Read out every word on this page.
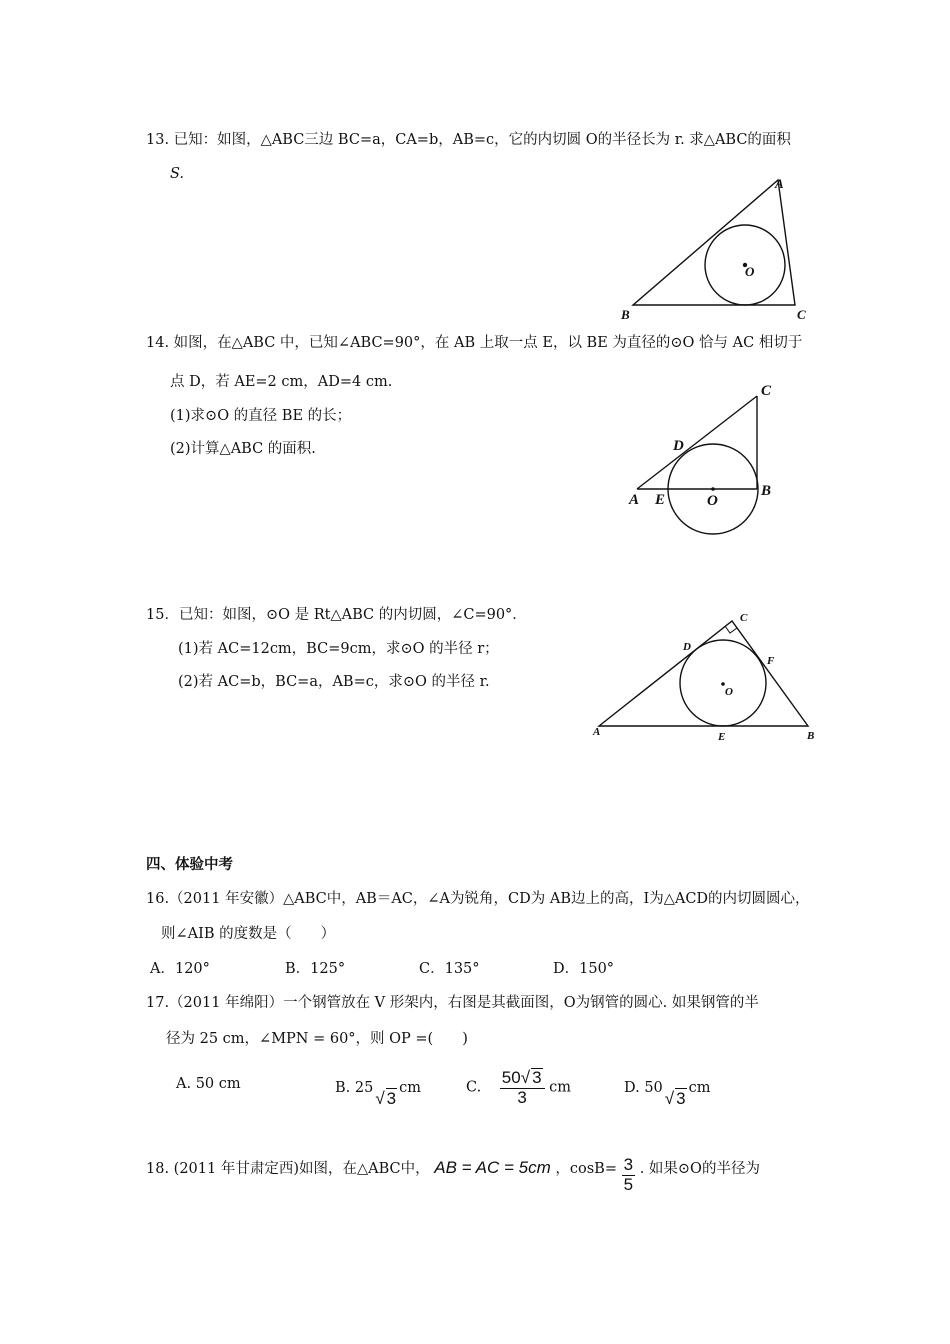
13. 已知：如图，△ABC三边 BC=a，CA=b，AB=c，它的内切圆 O的半径长为 r. 求△ABC的面积
S.
A
B	C
O
14. 如图，在△ABC 中，已知∠ABC=90°，在 AB 上取一点 E，以 BE 为直径的⊙O 恰与 AC 相切于
点 D，若 AE=2 cm，AD=4 cm.
(1)求⊙O 的直径 BE 的长；
(2)计算△ABC 的面积.
C
D
A E	O
B
15．已知：如图，⊙O 是 Rt△ABC 的内切圆，∠C=90°．
(1)若 AC=12cm，BC=9cm，求⊙O 的半径 r；
(2)若 AC=b，BC=a，AB=c，求⊙O 的半径 r.
C
D
F
O
A	E	B
四、体验中考
16.（2011 年安徽）△ABC中，AB＝AC，∠A为锐角，CD为 AB边上的高，I为△ACD的内切圆圆心，
则∠AIB 的度数是（　　）
A．120°	B．125°	C．135°	D．150°
17.（2011 年绵阳）一个钢管放在 V 形架内，右图是其截面图，O为钢管的圆心. 如果钢管的半
径为 25 cm，∠MPN = 60°，则 OP =(　　)
A. 50 cm	B. 25√ 3cm	C. $\frac{50√ 3}{3}$ cm	D. 50√ 3cm
18. (2011 年甘肃定西)如图，在△ABC中， AB = AC = 5cm ，$\cos B= \frac{3}{5}$ . 如果⊙O的半径为
